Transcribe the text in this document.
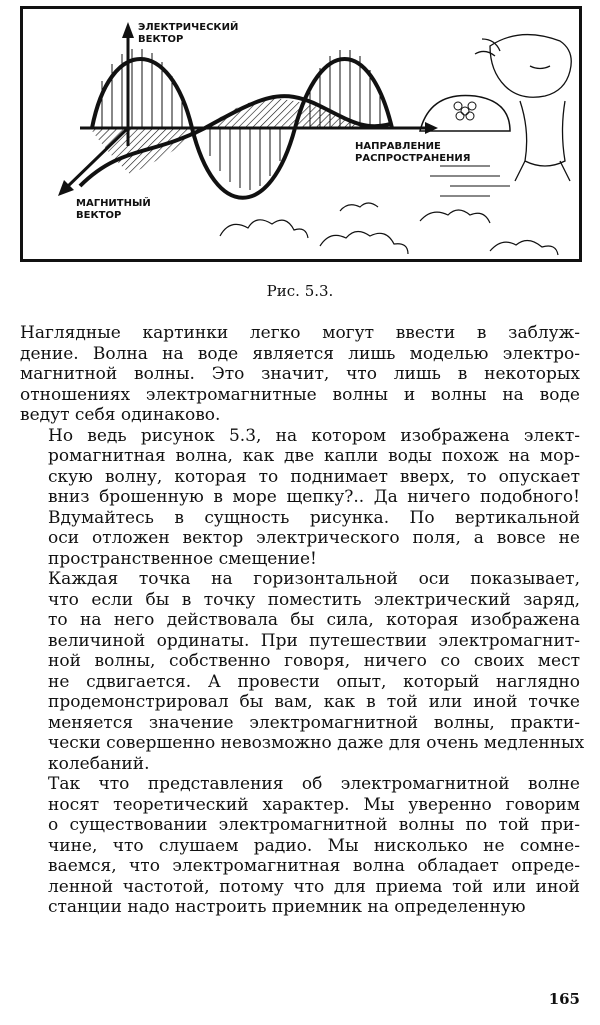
ЭЛЕКТРИЧЕСКИЙ
ВЕКТОР
МАГНИТНЫЙ
ВЕКТОР
НАПРАВЛЕНИЕ
РАСПРОСТРАНЕНИЯ
Рис. 5.3.

Наглядные картинки легко могут ввести в заблуж-
дение. Волна на воде является лишь моделью электро-
магнитной волны. Это значит, что лишь в некоторых
отношениях электромагнитные волны и волны на воде
ведут себя одинаково.

Но ведь рисунок 5.3, на котором изображена элект-
ромагнитная волна, как две капли воды похож на мор-
скую волну, которая то поднимает вверх, то опускает
вниз брошенную в море щепку?.. Да ничего подобного!
Вдумайтесь в сущность рисунка. По вертикальной
оси отложен вектор электрического поля, а вовсе не
пространственное смещение!

Каждая точка на горизонтальной оси показывает,
что если бы в точку поместить электрический заряд,
то на него действовала бы сила, которая изображена
величиной ординаты. При путешествии электромагнит-
ной волны, собственно говоря, ничего со своих мест
не сдвигается. А провести опыт, который наглядно
продемонстрировал бы вам, как в той или иной точке
меняется значение электромагнитной волны, практи-
чески совершенно невозможно даже для очень медленных
колебаний.

Так что представления об электромагнитной волне
носят теоретический характер. Мы уверенно говорим
о существовании электромагнитной волны по той при-
чине, что слушаем радио. Мы нисколько не сомне-
ваемся, что электромагнитная волна обладает опреде-
ленной частотой, потому что для приема той или иной
станции надо настроить приемник на определенную

165
